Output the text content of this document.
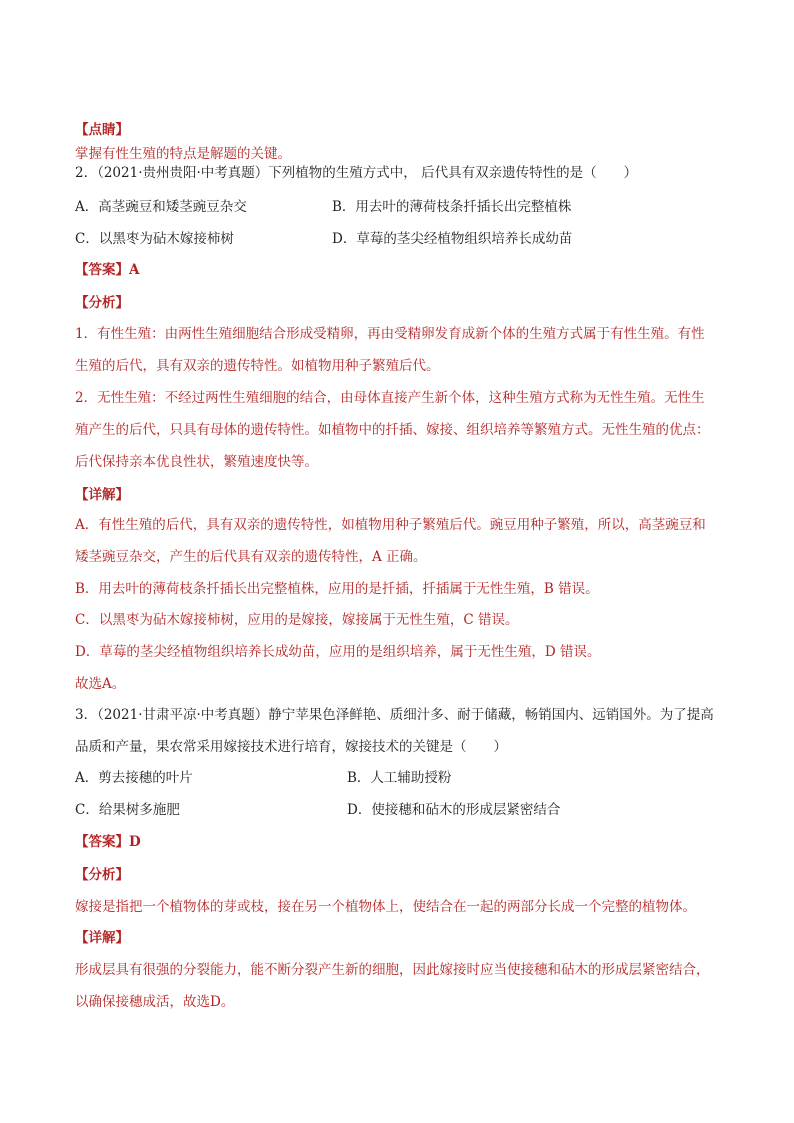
【点睛】
掌握有性生殖的特点是解题的关键。
2．（2021·贵州贵阳·中考真题）下列植物的生殖方式中， 后代具有双亲遗传特性的是（　　）
A．高茎豌豆和矮茎豌豆杂交	B．用去叶的薄荷枝条扦插长出完整植株
C．以黑枣为砧木嫁接柿树	D．草莓的茎尖经植物组织培养长成幼苗
【答案】A
【分析】
1．有性生殖：由两性生殖细胞结合形成受精卵，再由受精卵发育成新个体的生殖方式属于有性生殖。有性
生殖的后代，具有双亲的遗传特性。如植物用种子繁殖后代。
2．无性生殖：不经过两性生殖细胞的结合，由母体直接产生新个体，这种生殖方式称为无性生殖。无性生
殖产生的后代，只具有母体的遗传特性。如植物中的扦插、嫁接、组织培养等繁殖方式。无性生殖的优点：
后代保持亲本优良性状，繁殖速度快等。
【详解】
A．有性生殖的后代，具有双亲的遗传特性，如植物用种子繁殖后代。豌豆用种子繁殖，所以，高茎豌豆和
矮茎豌豆杂交，产生的后代具有双亲的遗传特性，A 正确。
B．用去叶的薄荷枝条扦插长出完整植株，应用的是扦插，扦插属于无性生殖，B 错误。
C．以黑枣为砧木嫁接柿树，应用的是嫁接，嫁接属于无性生殖，C 错误。
D．草莓的茎尖经植物组织培养长成幼苗，应用的是组织培养，属于无性生殖，D 错误。
故选A。
3．（2021·甘肃平凉·中考真题）静宁苹果色泽鲜艳、质细汁多、耐于储藏，畅销国内、远销国外。为了提高
品质和产量，果农常采用嫁接技术进行培育，嫁接技术的关键是（　　）
A．剪去接穗的叶片	B．人工辅助授粉
C．给果树多施肥	D．使接穗和砧木的形成层紧密结合
【答案】D
【分析】
嫁接是指把一个植物体的芽或枝，接在另一个植物体上，使结合在一起的两部分长成一个完整的植物体。
【详解】
形成层具有很强的分裂能力，能不断分裂产生新的细胞，因此嫁接时应当使接穗和砧木的形成层紧密结合，
以确保接穗成活，故选D。
